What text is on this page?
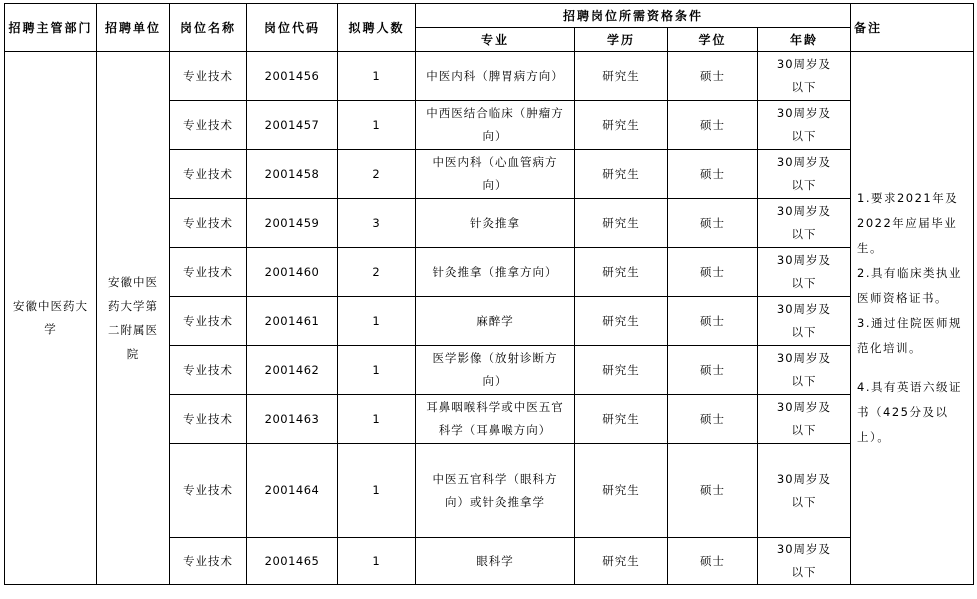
招聘主管部门	招聘单位	岗位名称	岗位代码	拟聘人数	招聘岗位所需资格条件				备注
					专业	学历	学位	年龄	
安徽中医药大学	安徽中医药大学第二附属医院	专业技术	2001456	1	中医内科（脾胃病方向）	研究生	硕士	30周岁及以下	1.要求2021年及2022年应届毕业生。
2.具有临床类执业医师资格证书。
3.通过住院医师规范化培训。
4.具有英语六级证书（425分及以上）。

		专业技术	2001457	1	中西医结合临床（肿瘤方向）	研究生	硕士	30周岁及以下	
		专业技术	2001458	2	中医内科（心血管病方向）	研究生	硕士	30周岁及以下	
		专业技术	2001459	3	针灸推拿	研究生	硕士	30周岁及以下	
		专业技术	2001460	2	针灸推拿（推拿方向）	研究生	硕士	30周岁及以下	
		专业技术	2001461	1	麻醉学	研究生	硕士	30周岁及以下	
		专业技术	2001462	1	医学影像（放射诊断方向）	研究生	硕士	30周岁及以下	
		专业技术	2001463	1	耳鼻咽喉科学或中医五官科学（耳鼻喉方向）	研究生	硕士	30周岁及以下	
		专业技术	2001464	1	中医五官科学（眼科方向）或针灸推拿学	研究生	硕士	30周岁及以下	
		专业技术	2001465	1	眼科学	研究生	硕士	30周岁及以下	
